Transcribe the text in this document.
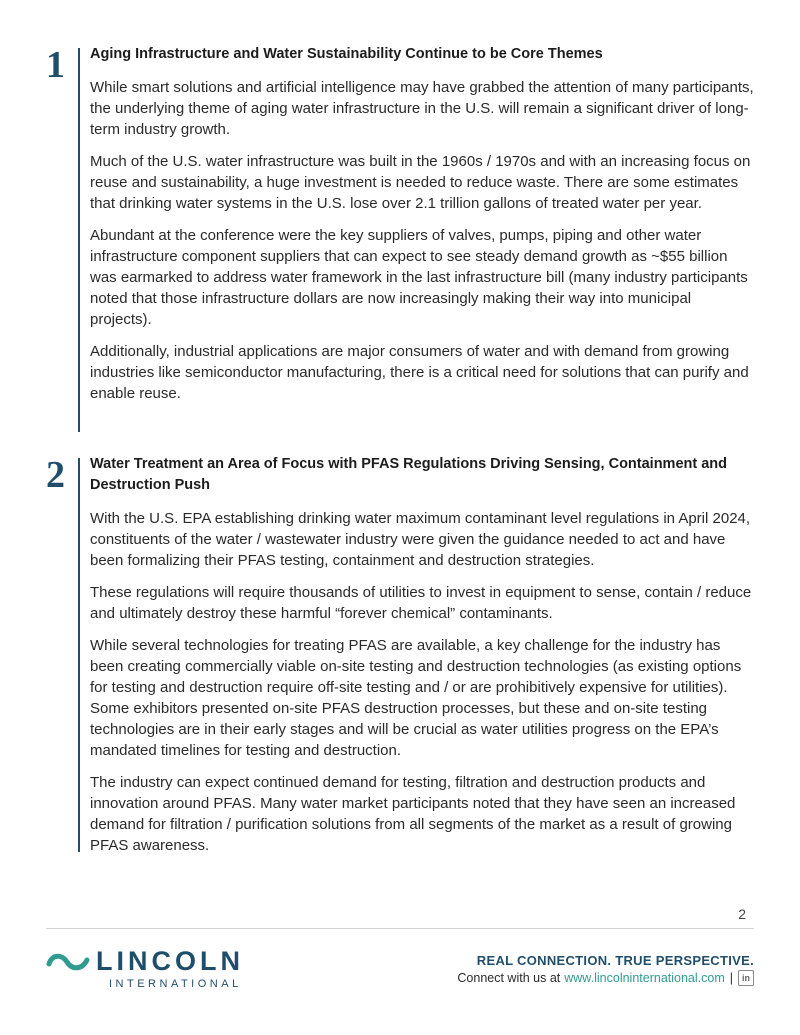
1 Aging Infrastructure and Water Sustainability Continue to be Core Themes

While smart solutions and artificial intelligence may have grabbed the attention of many participants, the underlying theme of aging water infrastructure in the U.S. will remain a significant driver of long-term industry growth.

Much of the U.S. water infrastructure was built in the 1960s / 1970s and with an increasing focus on reuse and sustainability, a huge investment is needed to reduce waste. There are some estimates that drinking water systems in the U.S. lose over 2.1 trillion gallons of treated water per year.

Abundant at the conference were the key suppliers of valves, pumps, piping and other water infrastructure component suppliers that can expect to see steady demand growth as ~$55 billion was earmarked to address water framework in the last infrastructure bill (many industry participants noted that those infrastructure dollars are now increasingly making their way into municipal projects).

Additionally, industrial applications are major consumers of water and with demand from growing industries like semiconductor manufacturing, there is a critical need for solutions that can purify and enable reuse.

2 Water Treatment an Area of Focus with PFAS Regulations Driving Sensing, Containment and Destruction Push

With the U.S. EPA establishing drinking water maximum contaminant level regulations in April 2024, constituents of the water / wastewater industry were given the guidance needed to act and have been formalizing their PFAS testing, containment and destruction strategies.

These regulations will require thousands of utilities to invest in equipment to sense, contain / reduce and ultimately destroy these harmful “forever chemical” contaminants.

While several technologies for treating PFAS are available, a key challenge for the industry has been creating commercially viable on-site testing and destruction technologies (as existing options for testing and destruction require off-site testing and / or are prohibitively expensive for utilities). Some exhibitors presented on-site PFAS destruction processes, but these and on-site testing technologies are in their early stages and will be crucial as water utilities progress on the EPA’s mandated timelines for testing and destruction.

The industry can expect continued demand for testing, filtration and destruction products and innovation around PFAS. Many water market participants noted that they have seen an increased demand for filtration / purification solutions from all segments of the market as a result of growing PFAS awareness.

2
LINCOLN
INTERNATIONAL
REAL CONNECTION. TRUE PERSPECTIVE.
Connect with us at www.lincolninternational.com |	in
